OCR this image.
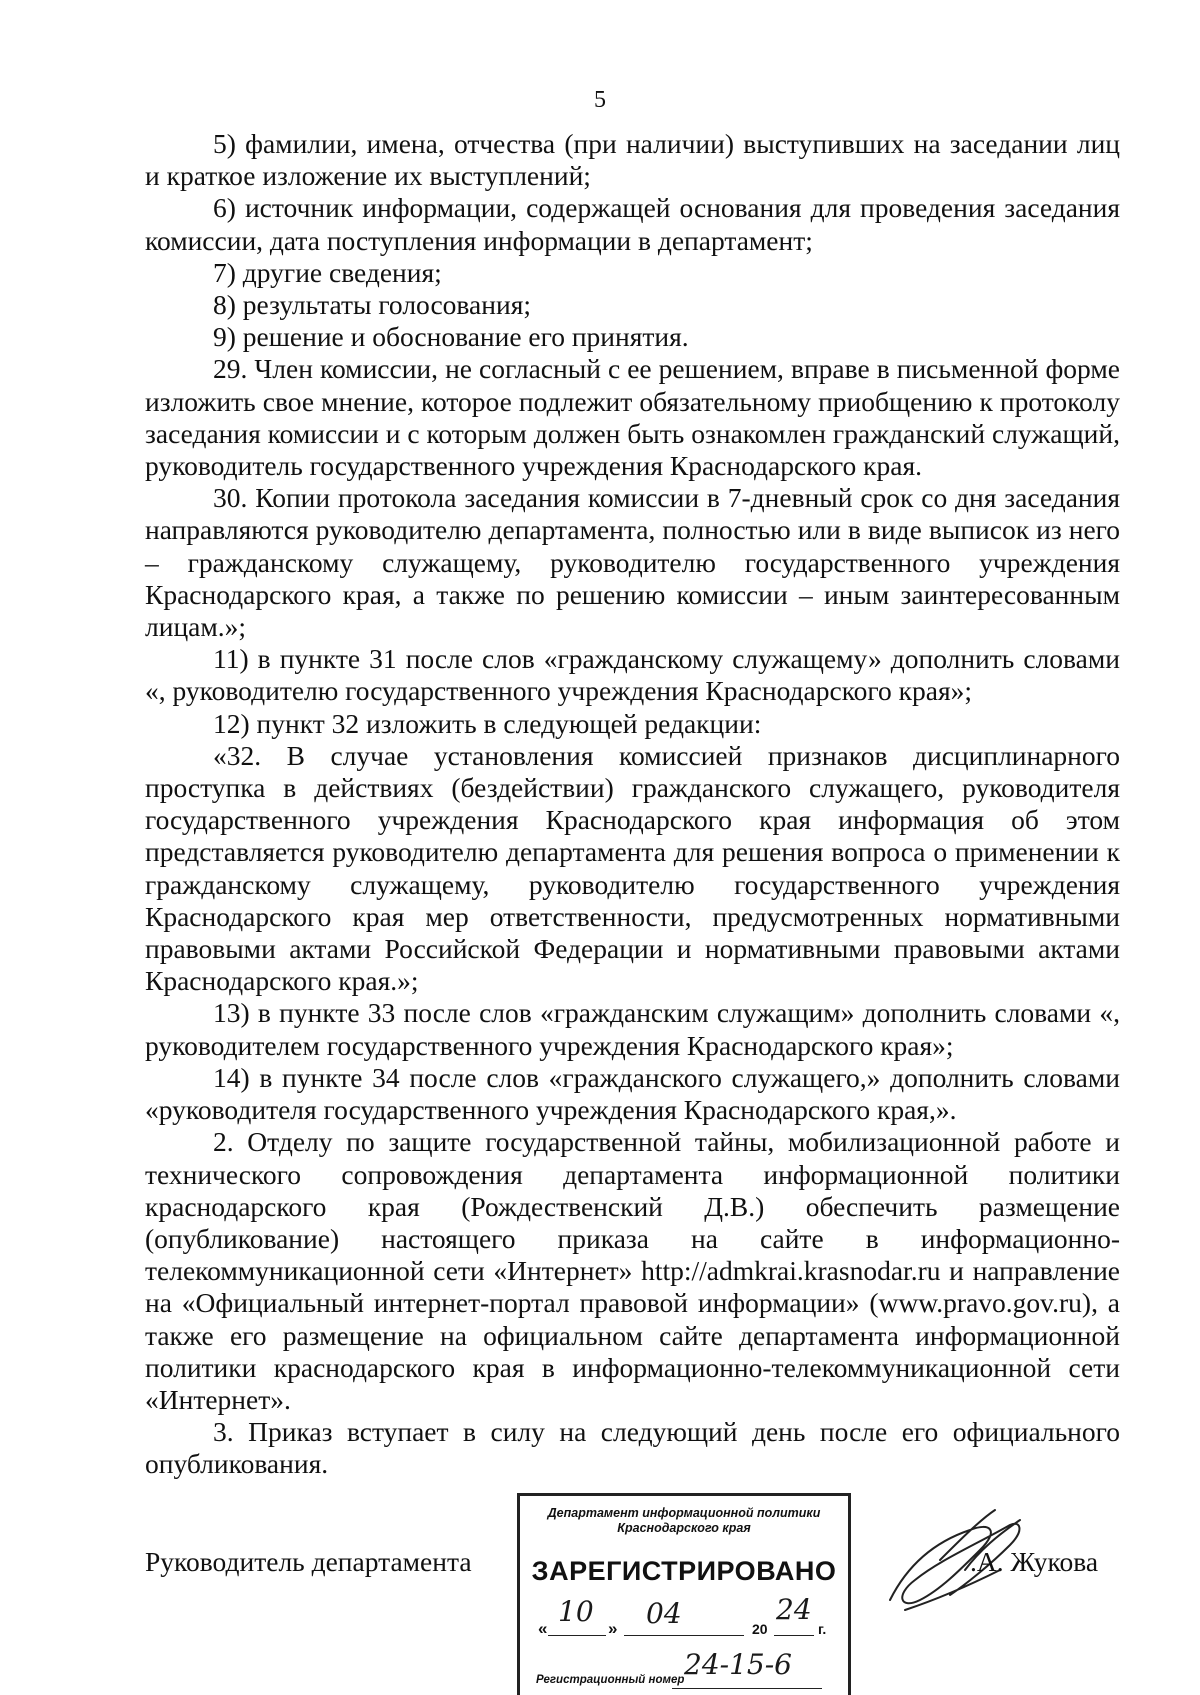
5

5) фамилии, имена, отчества (при наличии) выступивших на заседании лиц и краткое изложение их выступлений;

6) источник информации, содержащей основания для проведения заседания комиссии, дата поступления информации в департамент;

7) другие сведения;

8) результаты голосования;

9) решение и обоснование его принятия.

29. Член комиссии, не согласный с ее решением, вправе в письменной форме изложить свое мнение, которое подлежит обязательному приобщению к протоколу заседания комиссии и с которым должен быть ознакомлен гражданский служащий, руководитель государственного учреждения Краснодарского края.

30. Копии протокола заседания комиссии в 7-дневный срок со дня заседания направляются руководителю департамента, полностью или в виде выписок из него – гражданскому служащему, руководителю государственного учреждения Краснодарского края, а также по решению комиссии – иным заинтересованным лицам.»;

11) в пункте 31 после слов «гражданскому служащему» дополнить словами «, руководителю государственного учреждения Краснодарского края»;

12) пункт 32 изложить в следующей редакции:

«32. В случае установления комиссией признаков дисциплинарного проступка в действиях (бездействии) гражданского служащего, руководителя государственного учреждения Краснодарского края информация об этом представляется руководителю департамента для решения вопроса о применении к гражданскому служащему, руководителю государственного учреждения Краснодарского края мер ответственности, предусмотренных нормативными правовыми актами Российской Федерации и нормативными правовыми актами Краснодарского края.»;

13) в пункте 33 после слов «гражданским служащим» дополнить словами «, руководителем государственного учреждения Краснодарского края»;

14) в пункте 34 после слов «гражданского служащего,» дополнить словами «руководителя государственного учреждения Краснодарского края,».

2. Отделу по защите государственной тайны, мобилизационной работе и технического сопровождения департамента информационной политики краснодарского края (Рождественский Д.В.) обеспечить размещение (опубликование) настоящего приказа на сайте в информационно-телекоммуникационной сети «Интернет» http://admkrai.krasnodar.ru и направление на «Официальный интернет-портал правовой информации» (www.pravo.gov.ru), а также его размещение на официальном сайте департамента информационной политики краснодарского края в информационно-телекоммуникационной сети «Интернет».

3. Приказ вступает в силу на следующий день после его официального опубликования.

Руководитель департамента	.А. Жукова
Департамент информационной политики
Краснодарского края
ЗАРЕГИСТРИРОВАНО
«
10
» 04	20
24
г.
Регистрационный номер 24-15-6
